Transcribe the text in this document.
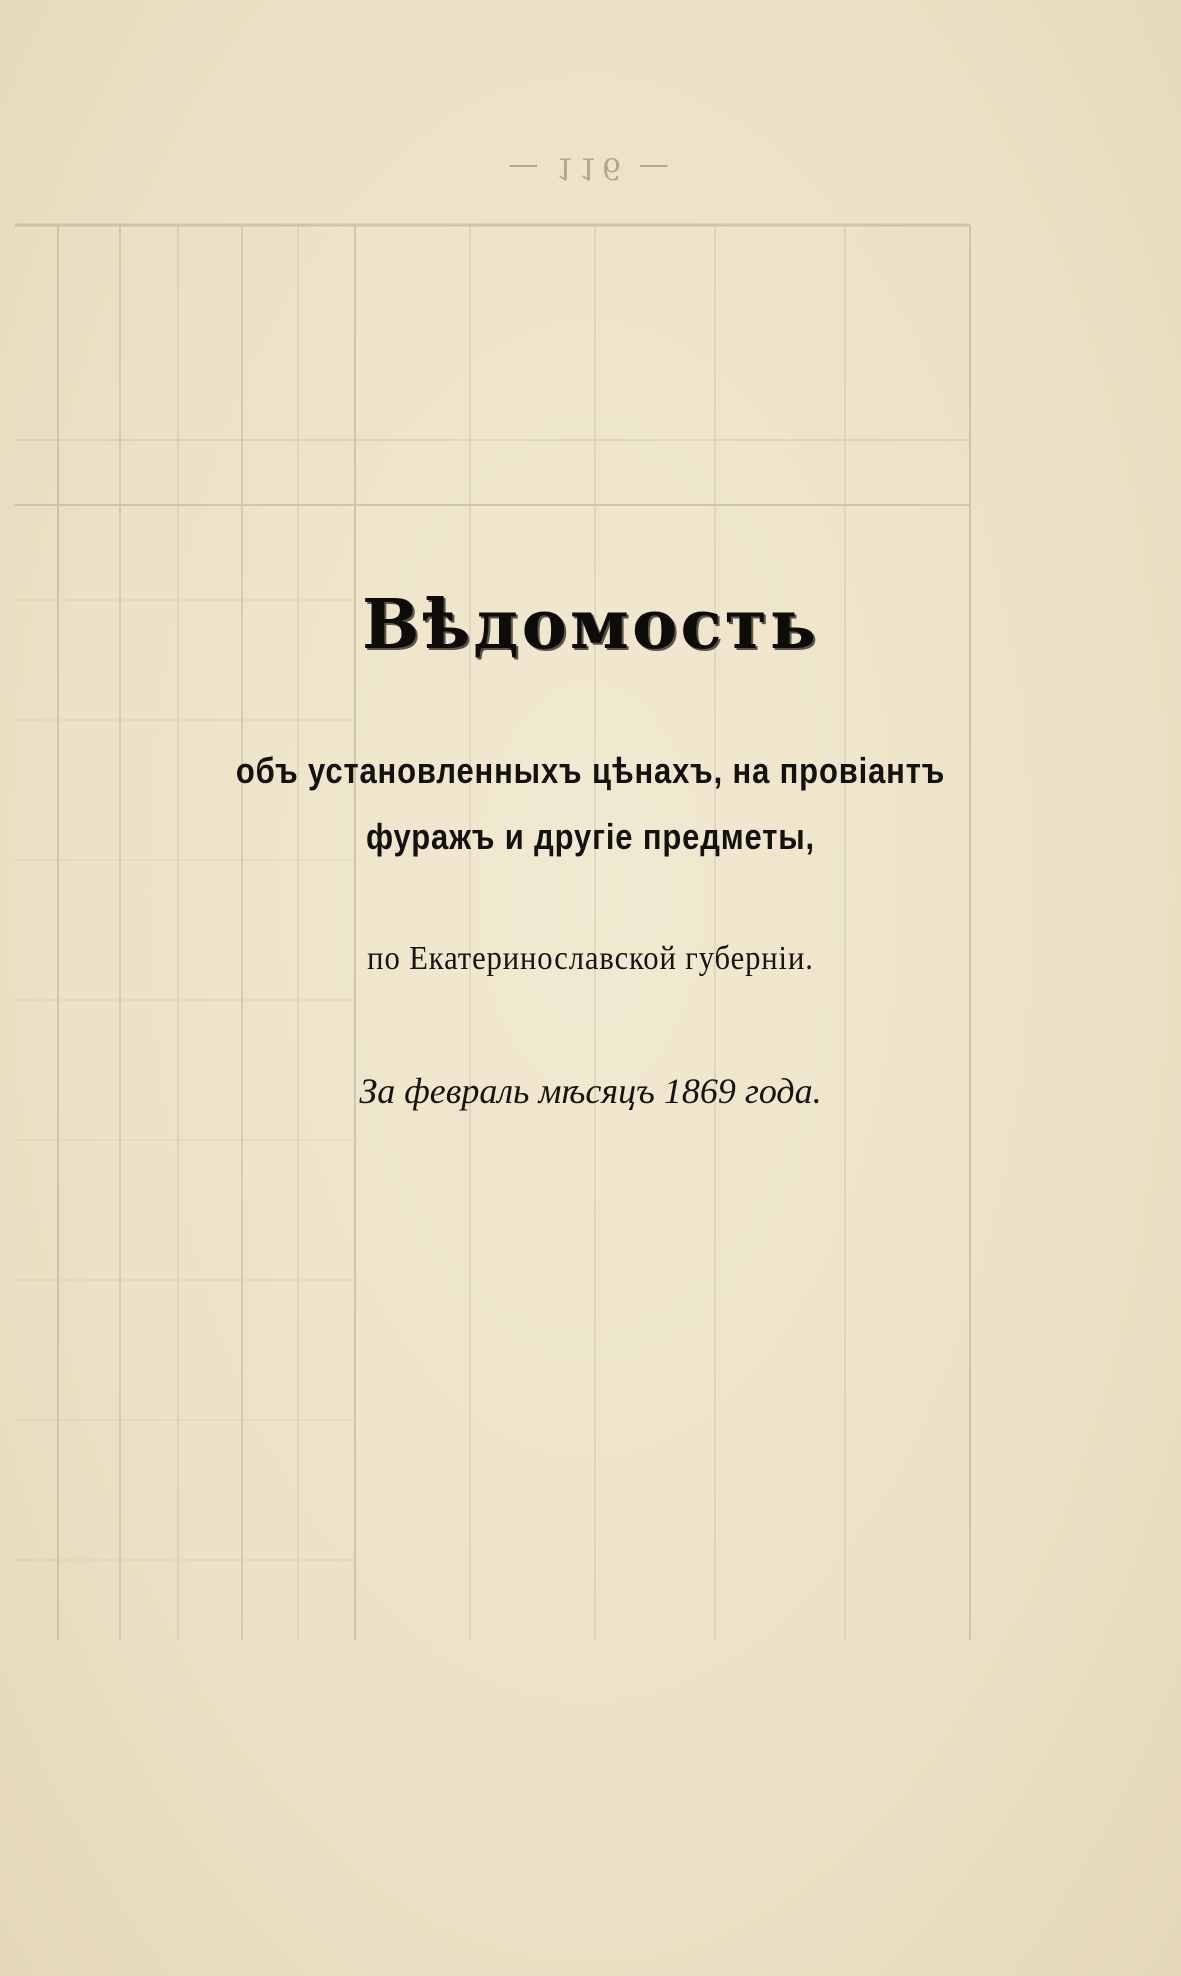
— 116 —
Вѣдомость
объ установленныхъ цѣнахъ, на провіантъ
фуражъ и другіе предметы,
по Екатеринославской губерніи.
За февраль мѣсяцъ 1869 года.
